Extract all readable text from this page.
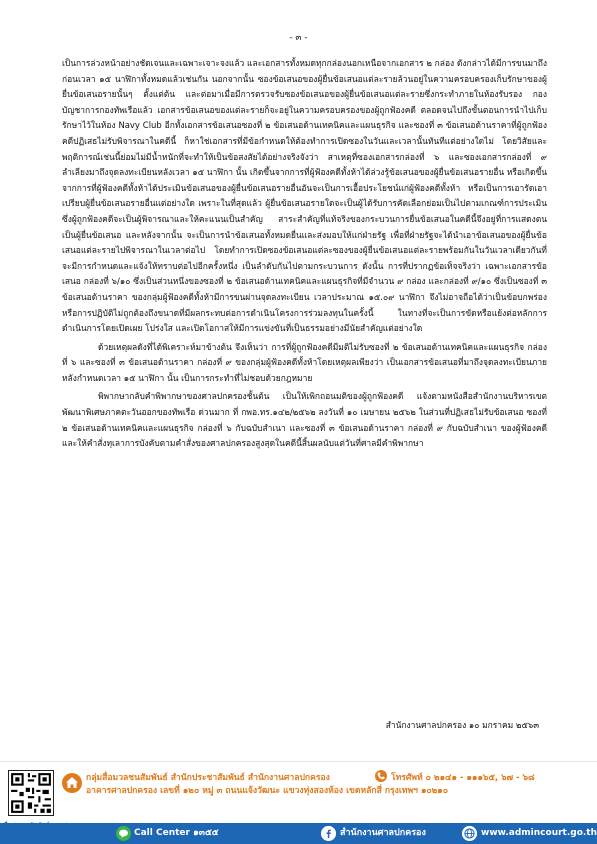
- ๓ -

เป็นการล่วงหน้าอย่างชัดเจนและเฉพาะเจาะจงแล้ว และเอกสารทั้งหมดทุกกล่องนอกเหนือจากเอกสาร ๒ กล่อง ดังกล่าวได้มีการขนมาถึงก่อนเวลา ๑๕ นาฬิกาทั้งหมดแล้วเช่นกัน นอกจากนั้น ซองข้อเสนอของผู้ยื่นข้อเสนอแต่ละรายล้วนอยู่ในความครอบครองเก็บรักษาของผู้ยื่นข้อเสนอรายนั้นๆ ตั้งแต่ต้น และต่อมาเมื่อมีการตรวจรับซองข้อเสนอของผู้ยื่นข้อเสนอแต่ละรายซึ่งกระทำภายในห้องรับรอง กองบัญชาการกองทัพเรือแล้ว เอกสารข้อเสนอของแต่ละรายก็จะอยู่ในความครอบครองของผู้ถูกฟ้องคดี ตลอดจนไปถึงขั้นตอนการนำไปเก็บรักษาไว้ในห้อง Navy Club อีกทั้งเอกสารข้อเสนอซองที่ ๒ ข้อเสนอด้านเทคนิคและแผนธุรกิจ และซองที่ ๓ ข้อเสนอด้านราคาที่ผู้ถูกฟ้องคดีปฏิเสธไม่รับพิจารณาในคดีนี้ ก็หาใช่เอกสารที่มีข้อกำหนดให้ต้องทำการเปิดซองในวันและเวลานั้นทันทีแต่อย่างใดไม่ โดยวิสัยและพฤติการณ์เช่นนี้ย่อมไม่มีน้ำหนักที่จะทำให้เป็นข้อสงสัยได้อย่างจริงจังว่า สาเหตุที่ซองเอกสารกล่องที่ ๖ และซองเอกสารกล่องที่ ๙ ลำเลียงมาถึงจุดลงทะเบียนหลังเวลา ๑๕ นาฬิกา นั้น เกิดขึ้นจากการที่ผู้ฟ้องคดีทั้งห้าได้ล่วงรู้ข้อเสนอของผู้ยื่นข้อเสนอรายอื่น หรือเกิดขึ้นจากการที่ผู้ฟ้องคดีทั้งห้าได้ประเมินข้อเสนอของผู้ยื่นข้อเสนอรายอื่นอันจะเป็นการเอื้อประโยชน์แก่ผู้ฟ้องคดีทั้งห้า หรือเป็นการเอารัดเอาเปรียบผู้ยื่นข้อเสนอรายอื่นแต่อย่างใด เพราะในที่สุดแล้ว ผู้ยื่นข้อเสนอรายใดจะเป็นผู้ได้รับการคัดเลือกย่อมเป็นไปตามเกณฑ์การประเมินซึ่งผู้ถูกฟ้องคดีจะเป็นผู้พิจารณาและให้คะแนนเป็นสำคัญ สาระสำคัญที่แท้จริงของกระบวนการยื่นข้อเสนอในคดีนี้จึงอยู่ที่การแสดงตนเป็นผู้ยื่นข้อเสนอ และหลังจากนั้น จะเป็นการนำข้อเสนอทั้งหมดยื่นและส่งมอบให้แก่ฝ่ายรัฐ เพื่อที่ฝ่ายรัฐจะได้นำเอาข้อเสนอของผู้ยื่นข้อเสนอแต่ละรายไปพิจารณาในเวลาต่อไป โดยทำการเปิดซองข้อเสนอแต่ละซองของผู้ยื่นข้อเสนอแต่ละรายพร้อมกันในวันเวลาเดียวกันที่จะมีการกำหนดและแจ้งให้ทราบต่อไปอีกครั้งหนึ่ง เป็นลำดับกันไปตามกระบวนการ ดังนั้น การที่ปรากฏข้อเท็จจริงว่า เฉพาะเอกสารข้อเสนอ กล่องที่ ๖/๑๐ ซึ่งเป็นส่วนหนึ่งของซองที่ ๒ ข้อเสนอด้านเทคนิคและแผนธุรกิจที่มีจำนวน ๙ กล่อง และกล่องที่ ๙/๑๐ ซึ่งเป็นซองที่ ๓ ข้อเสนอด้านราคา ของกลุ่มผู้ฟ้องคดีทั้งห้ามีการขนผ่านจุดลงทะเบียน เวลาประมาณ ๑๕.๐๙ นาฬิกา จึงไม่อาจถือได้ว่าเป็นข้อบกพร่องหรือการปฏิบัติไม่ถูกต้องถึงขนาดที่มีผลกระทบต่อการดำเนินโครงการร่วมลงทุนในครั้งนี้ ในทางที่จะเป็นการขัดหรือแย้งต่อหลักการดำเนินการโดยเปิดเผย โปร่งใส และเปิดโอกาสให้มีการแข่งขันที่เป็นธรรมอย่างมีนัยสำคัญแต่อย่างใด

ด้วยเหตุผลดังที่ได้พิเคราะห์มาข้างต้น จึงเห็นว่า การที่ผู้ถูกฟ้องคดีมีมติไม่รับซองที่ ๒ ข้อเสนอด้านเทคนิคและแผนธุรกิจ กล่องที่ ๖ และซองที่ ๓ ข้อเสนอด้านราคา กล่องที่ ๙ ของกลุ่มผู้ฟ้องคดีทั้งห้าโดยเหตุผลเพียงว่า เป็นเอกสารข้อเสนอที่มาถึงจุดลงทะเบียนภายหลังกำหนดเวลา ๑๕ นาฬิกา นั้น เป็นการกระทำที่ไม่ชอบด้วยกฎหมาย

พิพากษากลับคำพิพากษาของศาลปกครองชั้นต้น เป็นให้เพิกถอนมติของผู้ถูกฟ้องคดี แจ้งตามหนังสือสำนักงานบริหารเขตพัฒนาพิเศษภาคตะวันออกของทัพเรือ ด่วนมาก ที่ กพอ.ทร.๑๔๒/๒๕๖๒ ลงวันที่ ๑๐ เมษายน ๒๕๖๒ ในส่วนที่ปฏิเสธไม่รับข้อเสนอ ซองที่ ๒ ข้อเสนอด้านเทคนิคและแผนธุรกิจ กล่องที่ ๖ กับฉบับสำเนา และซองที่ ๓ ข้อเสนอด้านราคา กล่องที่ ๙ กับฉบับสำเนา ของผู้ฟ้องคดี และให้คำสั่งทุเลาการบังคับตามคำสั่งของศาลปกครองสูงสุดในคดีนี้สิ้นผลนับแต่วันที่ศาลมีคำพิพากษา

สำนักงานศาลปกครอง ๑๐ มกราคม ๒๕๖๓
กลุ่มสื่อมวลชนสัมพันธ์ สำนักประชาสัมพันธ์ สำนักงานศาลปกครอง
อาคารศาลปกครอง เลขที่ ๑๒๐ หมู่ ๓ ถนนแจ้งวัฒนะ แขวงทุ่งสองห้อง เขตหลักสี่ กรุงเทพฯ ๑๐๒๑๐
โทรศัพท์ ๐ ๒๑๔๑ - ๑๑๑๖๕, ๖๗ - ๖๘
Call Center ๑๓๕๕	สำนักงานศาลปกครอง	www.admincourt.go.th
